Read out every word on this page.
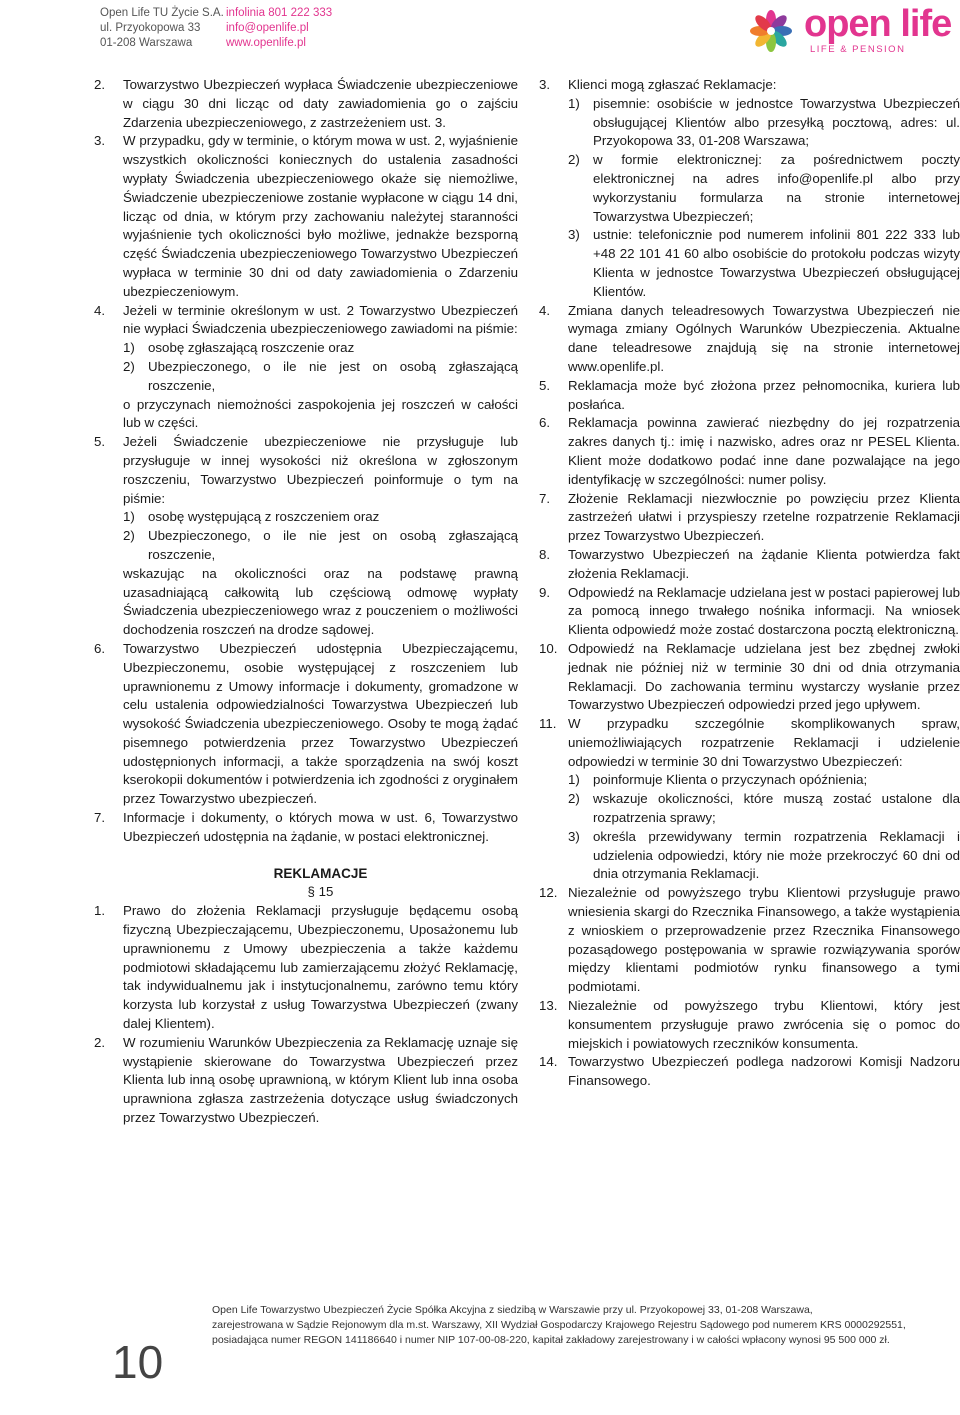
Open Life TU Życie S.A.
ul. Przyokopowa 33
01-208 Warszawa
infolinia 801 222 333
info@openlife.pl
www.openlife.pl	open life
LIFE & PENSION
2. Towarzystwo Ubezpieczeń wypłaca Świadczenie ubezpieczeniowe w ciągu 30 dni licząc od daty zawiadomienia go o zajściu Zdarzenia ubezpieczeniowego, z zastrzeżeniem ust. 3.
3. W przypadku, gdy w terminie, o którym mowa w ust. 2, wyjaśnienie wszystkich okoliczności koniecznych do ustalenia zasadności wypłaty Świadczenia ubezpieczeniowego okaże się niemożliwe, Świadczenie ubezpieczeniowe zostanie wypłacone w ciągu 14 dni, licząc od dnia, w którym przy zachowaniu należytej staranności wyjaśnienie tych okoliczności było możliwe, jednakże bezsporną część Świadczenia ubezpieczeniowego Towarzystwo Ubezpieczeń wypłaca w terminie 30 dni od daty zawiadomienia o Zdarzeniu ubezpieczeniowym.
4. Jeżeli w terminie określonym w ust. 2 Towarzystwo Ubezpieczeń nie wypłaci Świadczenia ubezpieczeniowego zawiadomi na piśmie:
1) osobę zgłaszającą roszczenie oraz
2) Ubezpieczonego, o ile nie jest on osobą zgłaszającą roszczenie,
o przyczynach niemożności zaspokojenia jej roszczeń w całości lub w części.
5. Jeżeli Świadczenie ubezpieczeniowe nie przysługuje lub przysługuje w innej wysokości niż określona w zgłoszonym roszczeniu, Towarzystwo Ubezpieczeń poinformuje o tym na piśmie:
1) osobę występującą z roszczeniem oraz
2) Ubezpieczonego, o ile nie jest on osobą zgłaszającą roszczenie,
wskazując na okoliczności oraz na podstawę prawną uzasadniającą całkowitą lub częściową odmowę wypłaty Świadczenia ubezpieczeniowego wraz z pouczeniem o możliwości dochodzenia roszczeń na drodze sądowej.
6. Towarzystwo Ubezpieczeń udostępnia Ubezpieczającemu, Ubezpieczonemu, osobie występującej z roszczeniem lub uprawnionemu z Umowy informacje i dokumenty, gromadzone w celu ustalenia odpowiedzialności Towarzystwa Ubezpieczeń lub wysokość Świadczenia ubezpieczeniowego. Osoby te mogą żądać pisemnego potwierdzenia przez Towarzystwo Ubezpieczeń udostępnionych informacji, a także sporządzenia na swój koszt kserokopii dokumentów i potwierdzenia ich zgodności z oryginałem przez Towarzystwo ubezpieczeń.
7. Informacje i dokumenty, o których mowa w ust. 6, Towarzystwo Ubezpieczeń udostępnia na żądanie, w postaci elektronicznej.
REKLAMACJE
§ 15
1. Prawo do złożenia Reklamacji przysługuje będącemu osobą fizyczną Ubezpieczającemu, Ubezpieczonemu, Uposażonemu lub uprawnionemu z Umowy ubezpieczenia a także każdemu podmiotowi składającemu lub zamierzającemu złożyć Reklamację, tak indywidualnemu jak i instytucjonalnemu, zarówno temu który korzysta lub korzystał z usług Towarzystwa Ubezpieczeń (zwany dalej Klientem).
2. W rozumieniu Warunków Ubezpieczenia za Reklamację uznaje się wystąpienie skierowane do Towarzystwa Ubezpieczeń przez Klienta lub inną osobę uprawnioną, w którym Klient lub inna osoba uprawniona zgłasza zastrzeżenia dotyczące usług świadczonych przez Towarzystwo Ubezpieczeń.
3. Klienci mogą zgłaszać Reklamacje:
1) pisemnie: osobiście w jednostce Towarzystwa Ubezpieczeń obsługującej Klientów albo przesyłką pocztową, adres: ul. Przyokopowa 33, 01-208 Warszawa;
2) w formie elektronicznej: za pośrednictwem poczty elektronicznej na adres info@openlife.pl albo przy wykorzystaniu formularza na stronie internetowej Towarzystwa Ubezpieczeń;
3) ustnie: telefonicznie pod numerem infolinii 801 222 333 lub +48 22 101 41 60 albo osobiście do protokołu podczas wizyty Klienta w jednostce Towarzystwa Ubezpieczeń obsługującej Klientów.
4. Zmiana danych teleadresowych Towarzystwa Ubezpieczeń nie wymaga zmiany Ogólnych Warunków Ubezpieczenia. Aktualne dane teleadresowe znajdują się na stronie internetowej www.openlife.pl.
5. Reklamacja może być złożona przez pełnomocnika, kuriera lub posłańca.
6. Reklamacja powinna zawierać niezbędny do jej rozpatrzenia zakres danych tj.: imię i nazwisko, adres oraz nr PESEL Klienta. Klient może dodatkowo podać inne dane pozwalające na jego identyfikację w szczególności: numer polisy.
7. Złożenie Reklamacji niezwłocznie po powzięciu przez Klienta zastrzeżeń ułatwi i przyspieszy rzetelne rozpatrzenie Reklamacji przez Towarzystwo Ubezpieczeń.
8. Towarzystwo Ubezpieczeń na żądanie Klienta potwierdza fakt złożenia Reklamacji.
9. Odpowiedź na Reklamacje udzielana jest w postaci papierowej lub za pomocą innego trwałego nośnika informacji. Na wniosek Klienta odpowiedź może zostać dostarczona pocztą elektroniczną.
10. Odpowiedź na Reklamacje udzielana jest bez zbędnej zwłoki jednak nie później niż w terminie 30 dni od dnia otrzymania Reklamacji. Do zachowania terminu wystarczy wysłanie przez Towarzystwo Ubezpieczeń odpowiedzi przed jego upływem.
11. W przypadku szczególnie skomplikowanych spraw, uniemożliwiających rozpatrzenie Reklamacji i udzielenie odpowiedzi w terminie 30 dni Towarzystwo Ubezpieczeń:
1) poinformuje Klienta o przyczynach opóźnienia;
2) wskazuje okoliczności, które muszą zostać ustalone dla rozpatrzenia sprawy;
3) określa przewidywany termin rozpatrzenia Reklamacji i udzielenia odpowiedzi, który nie może przekroczyć 60 dni od dnia otrzymania Reklamacji.
12. Niezależnie od powyższego trybu Klientowi przysługuje prawo wniesienia skargi do Rzecznika Finansowego, a także wystąpienia z wnioskiem o przeprowadzenie przez Rzecznika Finansowego pozasądowego postępowania w sprawie rozwiązywania sporów między klientami podmiotów rynku finansowego a tymi podmiotami.
13. Niezależnie od powyższego trybu Klientowi, który jest konsumentem przysługuje prawo zwrócenia się o pomoc do miejskich i powiatowych rzeczników konsumenta.
14. Towarzystwo Ubezpieczeń podlega nadzorowi Komisji Nadzoru Finansowego.
10
Open Life Towarzystwo Ubezpieczeń Życie Spółka Akcyjna z siedzibą w Warszawie przy ul. Przyokopowej 33, 01-208 Warszawa,
zarejestrowana w Sądzie Rejonowym dla m.st. Warszawy, XII Wydział Gospodarczy Krajowego Rejestru Sądowego pod numerem KRS 0000292551,
posiadająca numer REGON 141186640 i numer NIP 107-00-08-220, kapitał zakładowy zarejestrowany i w całości wpłacony wynosi 95 500 000 zł.
